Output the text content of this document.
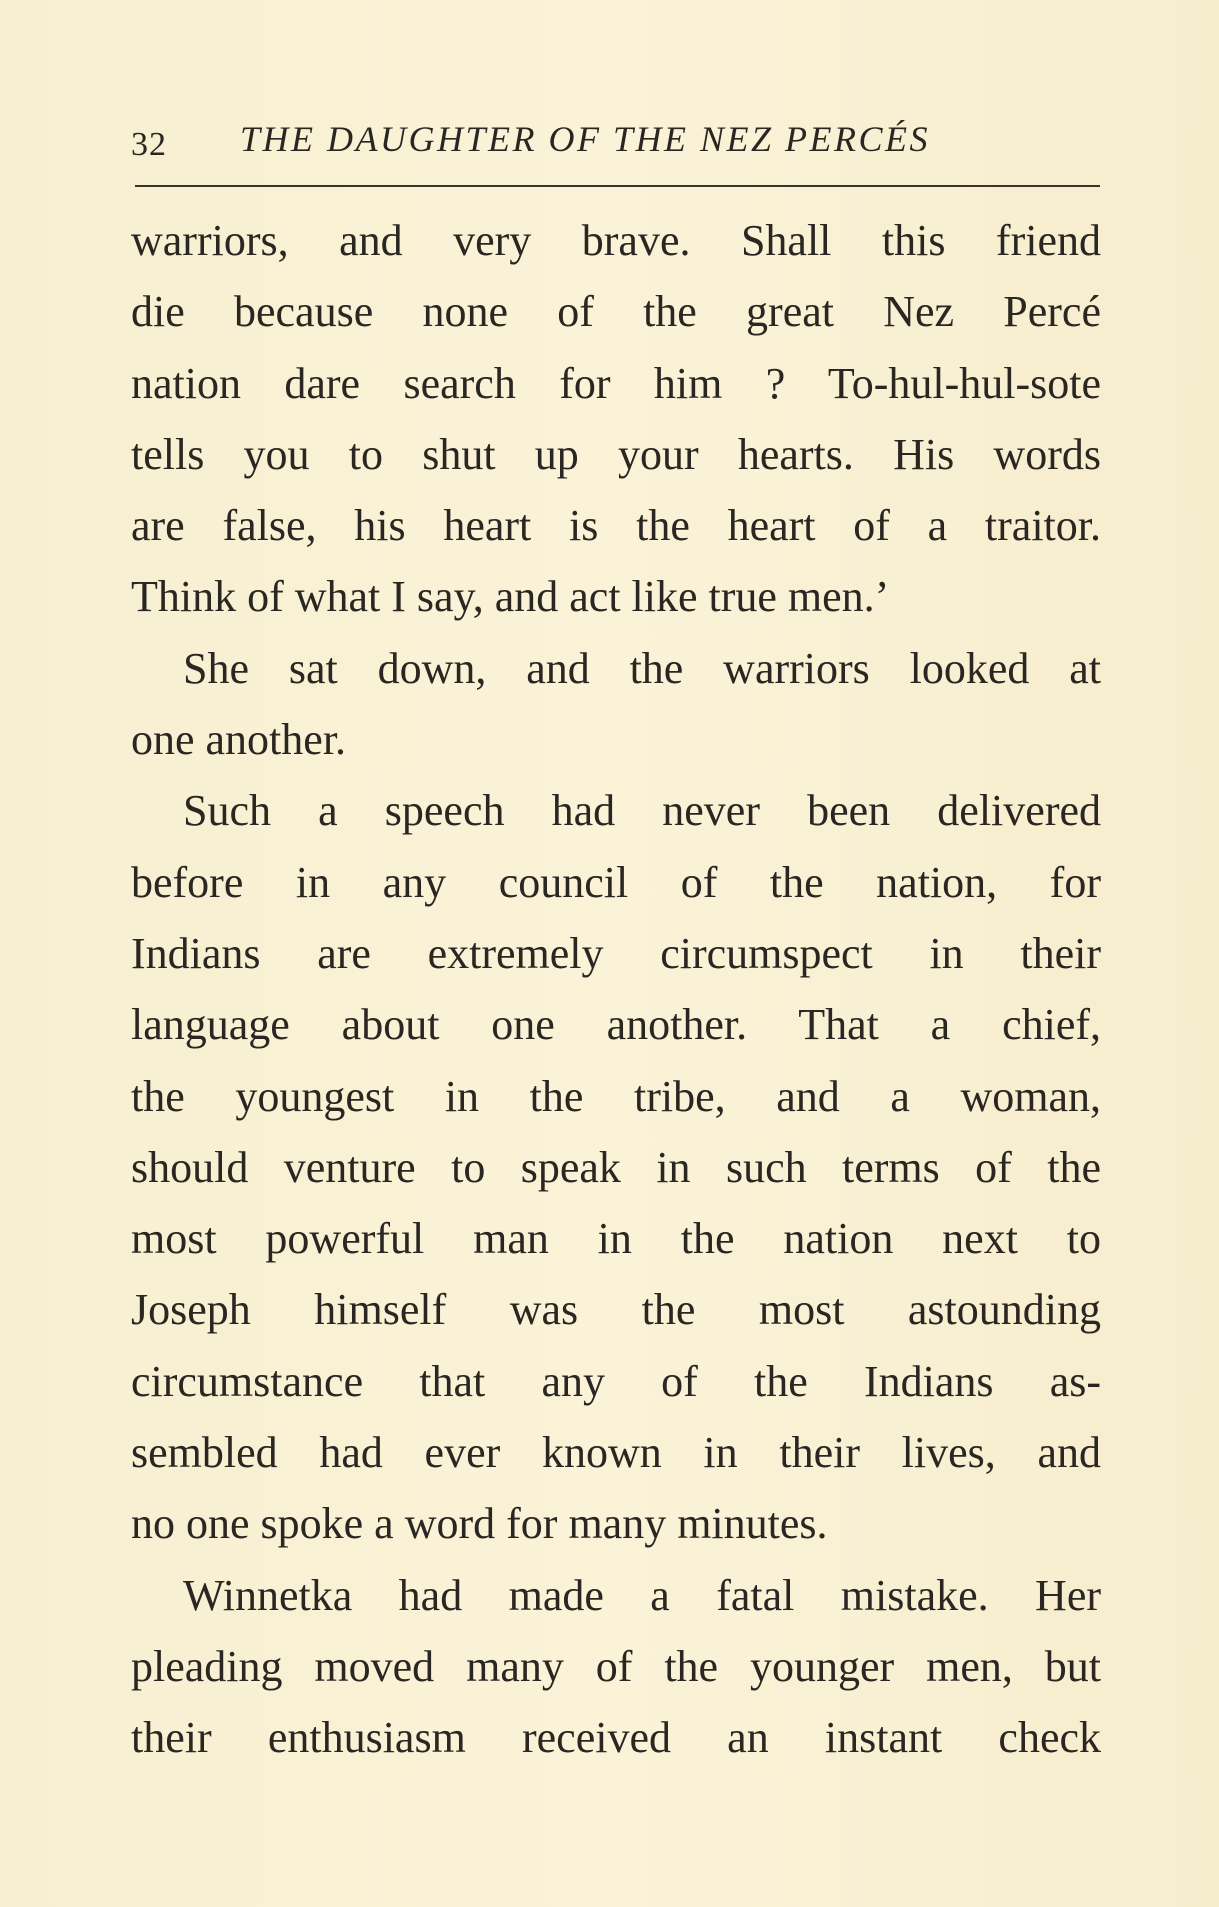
32 THE DAUGHTER OF THE NEZ PERCÉS
warriors, and very brave. Shall this friend
die because none of the great Nez Percé
nation dare search for him ? To-hul-hul-sote
tells you to shut up your hearts. His words
are false, his heart is the heart of a traitor.
Think of what I say, and act like true men.’
She sat down, and the warriors looked at
one another.
Such a speech had never been delivered
before in any council of the nation, for
Indians are extremely circumspect in their
language about one another. That a chief,
the youngest in the tribe, and a woman,
should venture to speak in such terms of the
most powerful man in the nation next to
Joseph himself was the most astounding
circumstance that any of the Indians as-
sembled had ever known in their lives, and
no one spoke a word for many minutes.
Winnetka had made a fatal mistake. Her
pleading moved many of the younger men, but
their enthusiasm received an instant check
